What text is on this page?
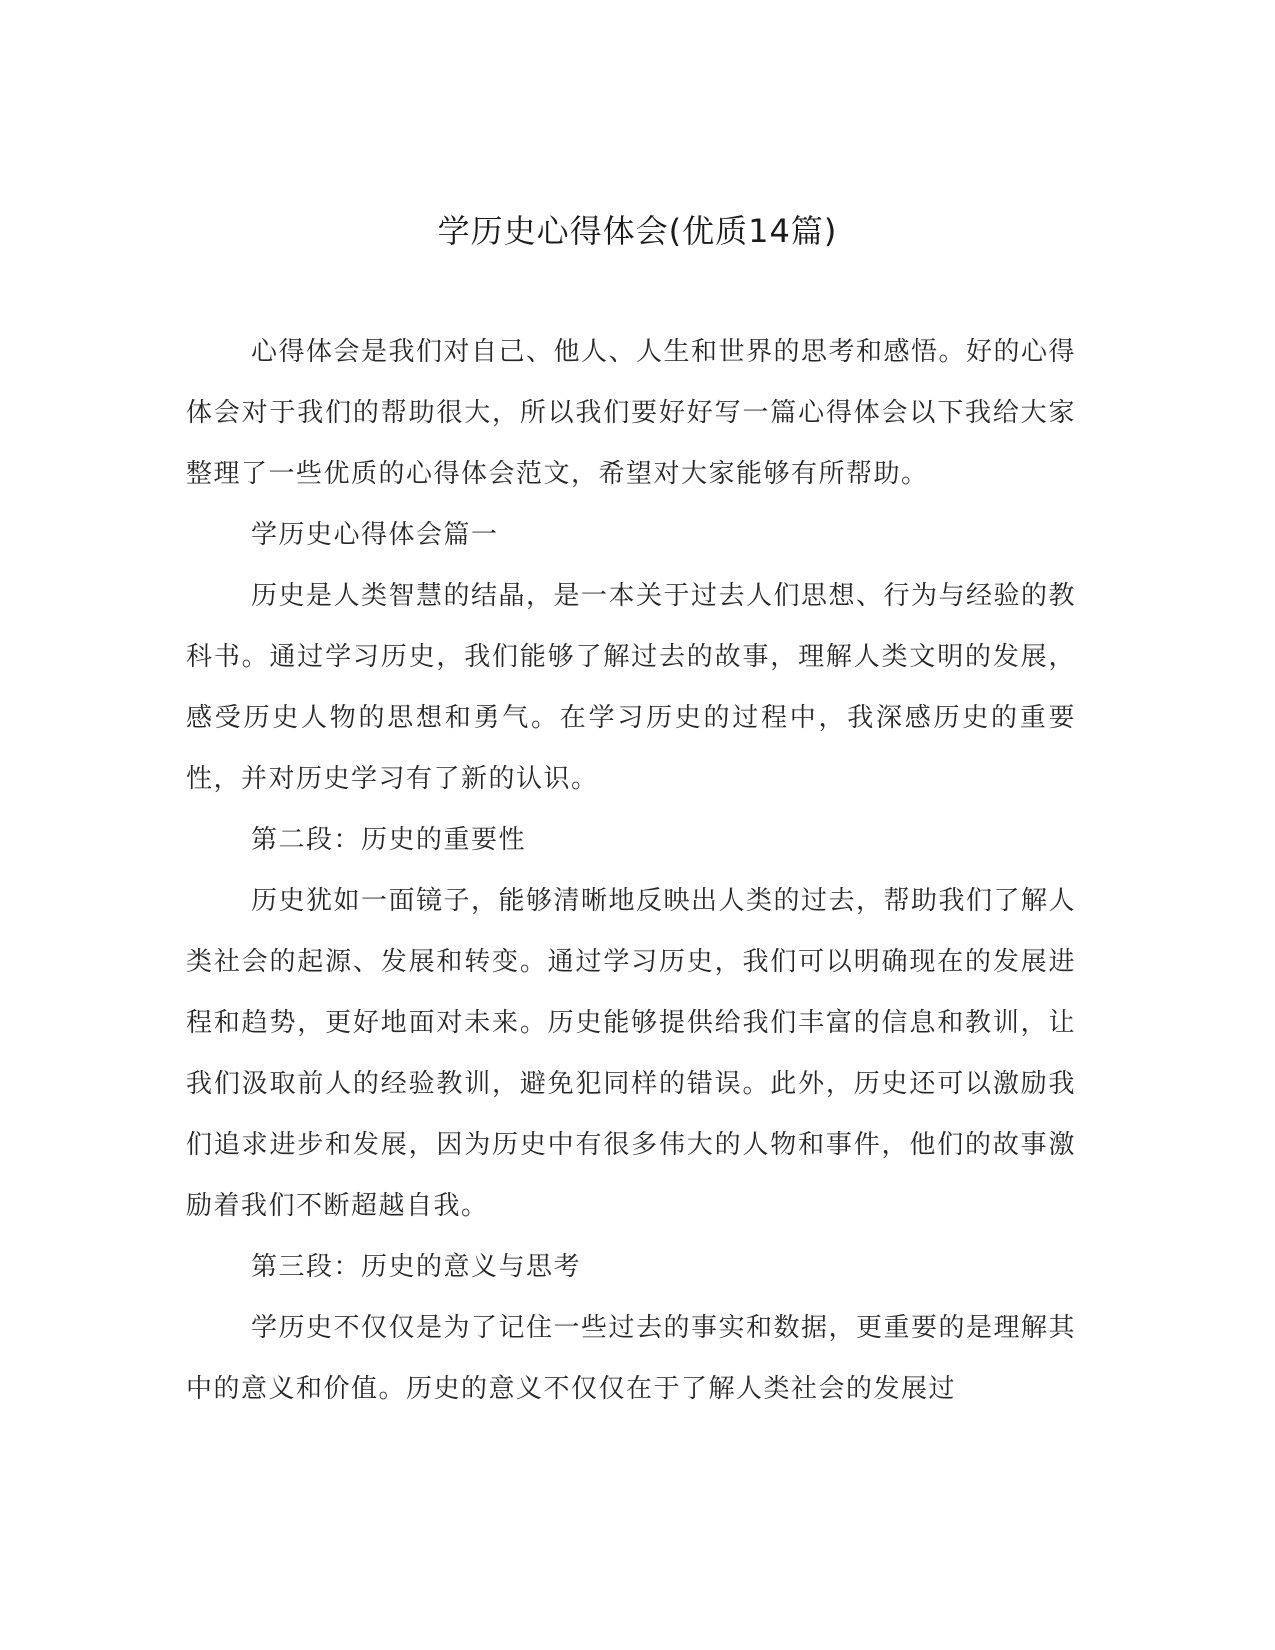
学历史心得体会(优质14篇)

心得体会是我们对自己、他人、人生和世界的思考和感悟。好的心得体会对于我们的帮助很大，所以我们要好好写一篇心得体会以下我给大家整理了一些优质的心得体会范文，希望对大家能够有所帮助。

学历史心得体会篇一

历史是人类智慧的结晶，是一本关于过去人们思想、行为与经验的教科书。通过学习历史，我们能够了解过去的故事，理解人类文明的发展，感受历史人物的思想和勇气。在学习历史的过程中，我深感历史的重要性，并对历史学习有了新的认识。

第二段：历史的重要性

历史犹如一面镜子，能够清晰地反映出人类的过去，帮助我们了解人类社会的起源、发展和转变。通过学习历史，我们可以明确现在的发展进程和趋势，更好地面对未来。历史能够提供给我们丰富的信息和教训，让我们汲取前人的经验教训，避免犯同样的错误。此外，历史还可以激励我们追求进步和发展，因为历史中有很多伟大的人物和事件，他们的故事激励着我们不断超越自我。

第三段：历史的意义与思考

学历史不仅仅是为了记住一些过去的事实和数据，更重要的是理解其中的意义和价值。历史的意义不仅仅在于了解人类社会的发展过
